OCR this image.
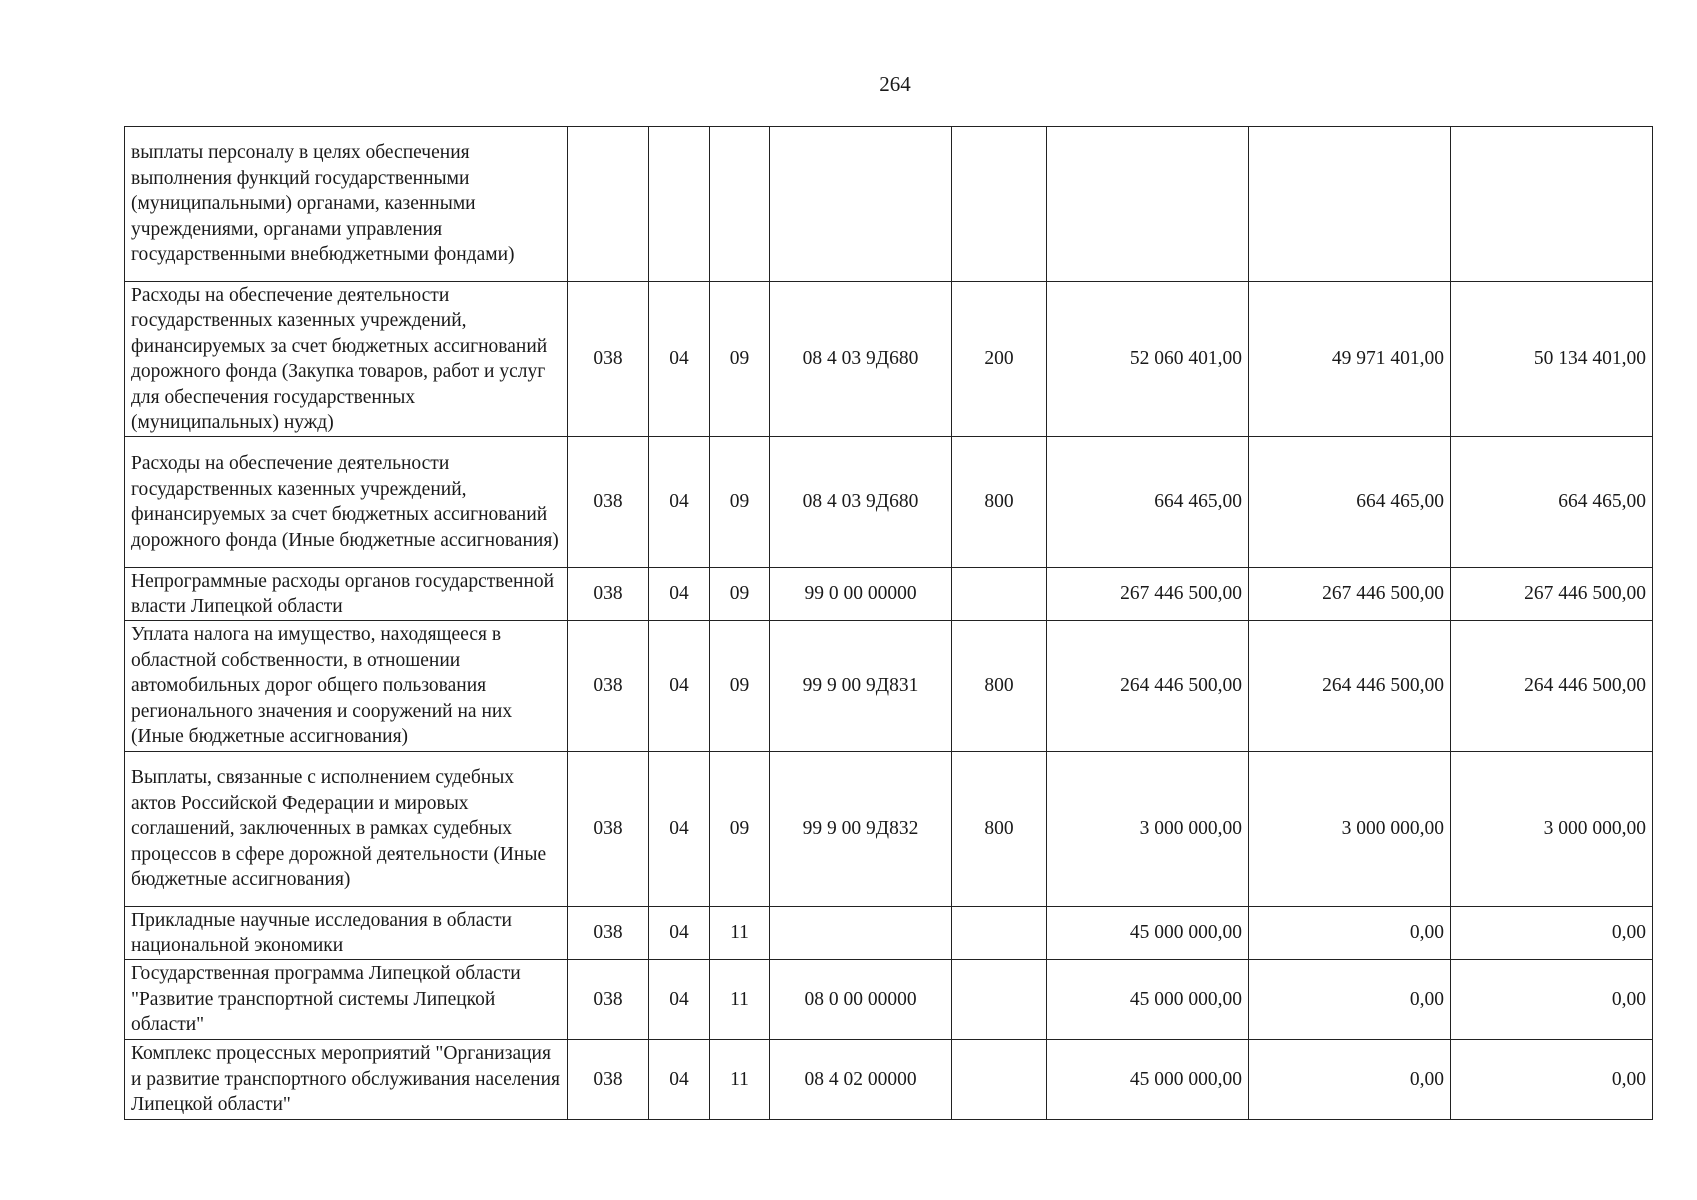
264
выплаты персоналу в целях обеспечения выполнения функций государственными (муниципальными) органами, казенными учреждениями, органами управления государственными внебюджетными фондами)								
Расходы на обеспечение деятельности государственных казенных учреждений, финансируемых за счет бюджетных ассигнований дорожного фонда (Закупка товаров, работ и услуг для обеспечения государственных (муниципальных) нужд)	038	04	09	08 4 03 9Д680	200	52 060 401,00	49 971 401,00	50 134 401,00
Расходы на обеспечение деятельности государственных казенных учреждений, финансируемых за счет бюджетных ассигнований дорожного фонда (Иные бюджетные ассигнования)	038	04	09	08 4 03 9Д680	800	664 465,00	664 465,00	664 465,00
Непрограммные расходы органов государственной власти Липецкой области	038	04	09	99 0 00 00000		267 446 500,00	267 446 500,00	267 446 500,00
Уплата налога на имущество, находящееся в областной собственности, в отношении автомобильных дорог общего пользования регионального значения и сооружений на них (Иные бюджетные ассигнования)	038	04	09	99 9 00 9Д831	800	264 446 500,00	264 446 500,00	264 446 500,00
Выплаты, связанные с исполнением судебных актов Российской Федерации и мировых соглашений, заключенных в рамках судебных процессов в сфере дорожной деятельности (Иные бюджетные ассигнования)	038	04	09	99 9 00 9Д832	800	3 000 000,00	3 000 000,00	3 000 000,00
Прикладные научные исследования в области национальной экономики	038	04	11			45 000 000,00	0,00	0,00
Государственная программа Липецкой области "Развитие транспортной системы Липецкой области"	038	04	11	08 0 00 00000		45 000 000,00	0,00	0,00
Комплекс процессных мероприятий "Организация и развитие транспортного обслуживания населения Липецкой области"	038	04	11	08 4 02 00000		45 000 000,00	0,00	0,00
